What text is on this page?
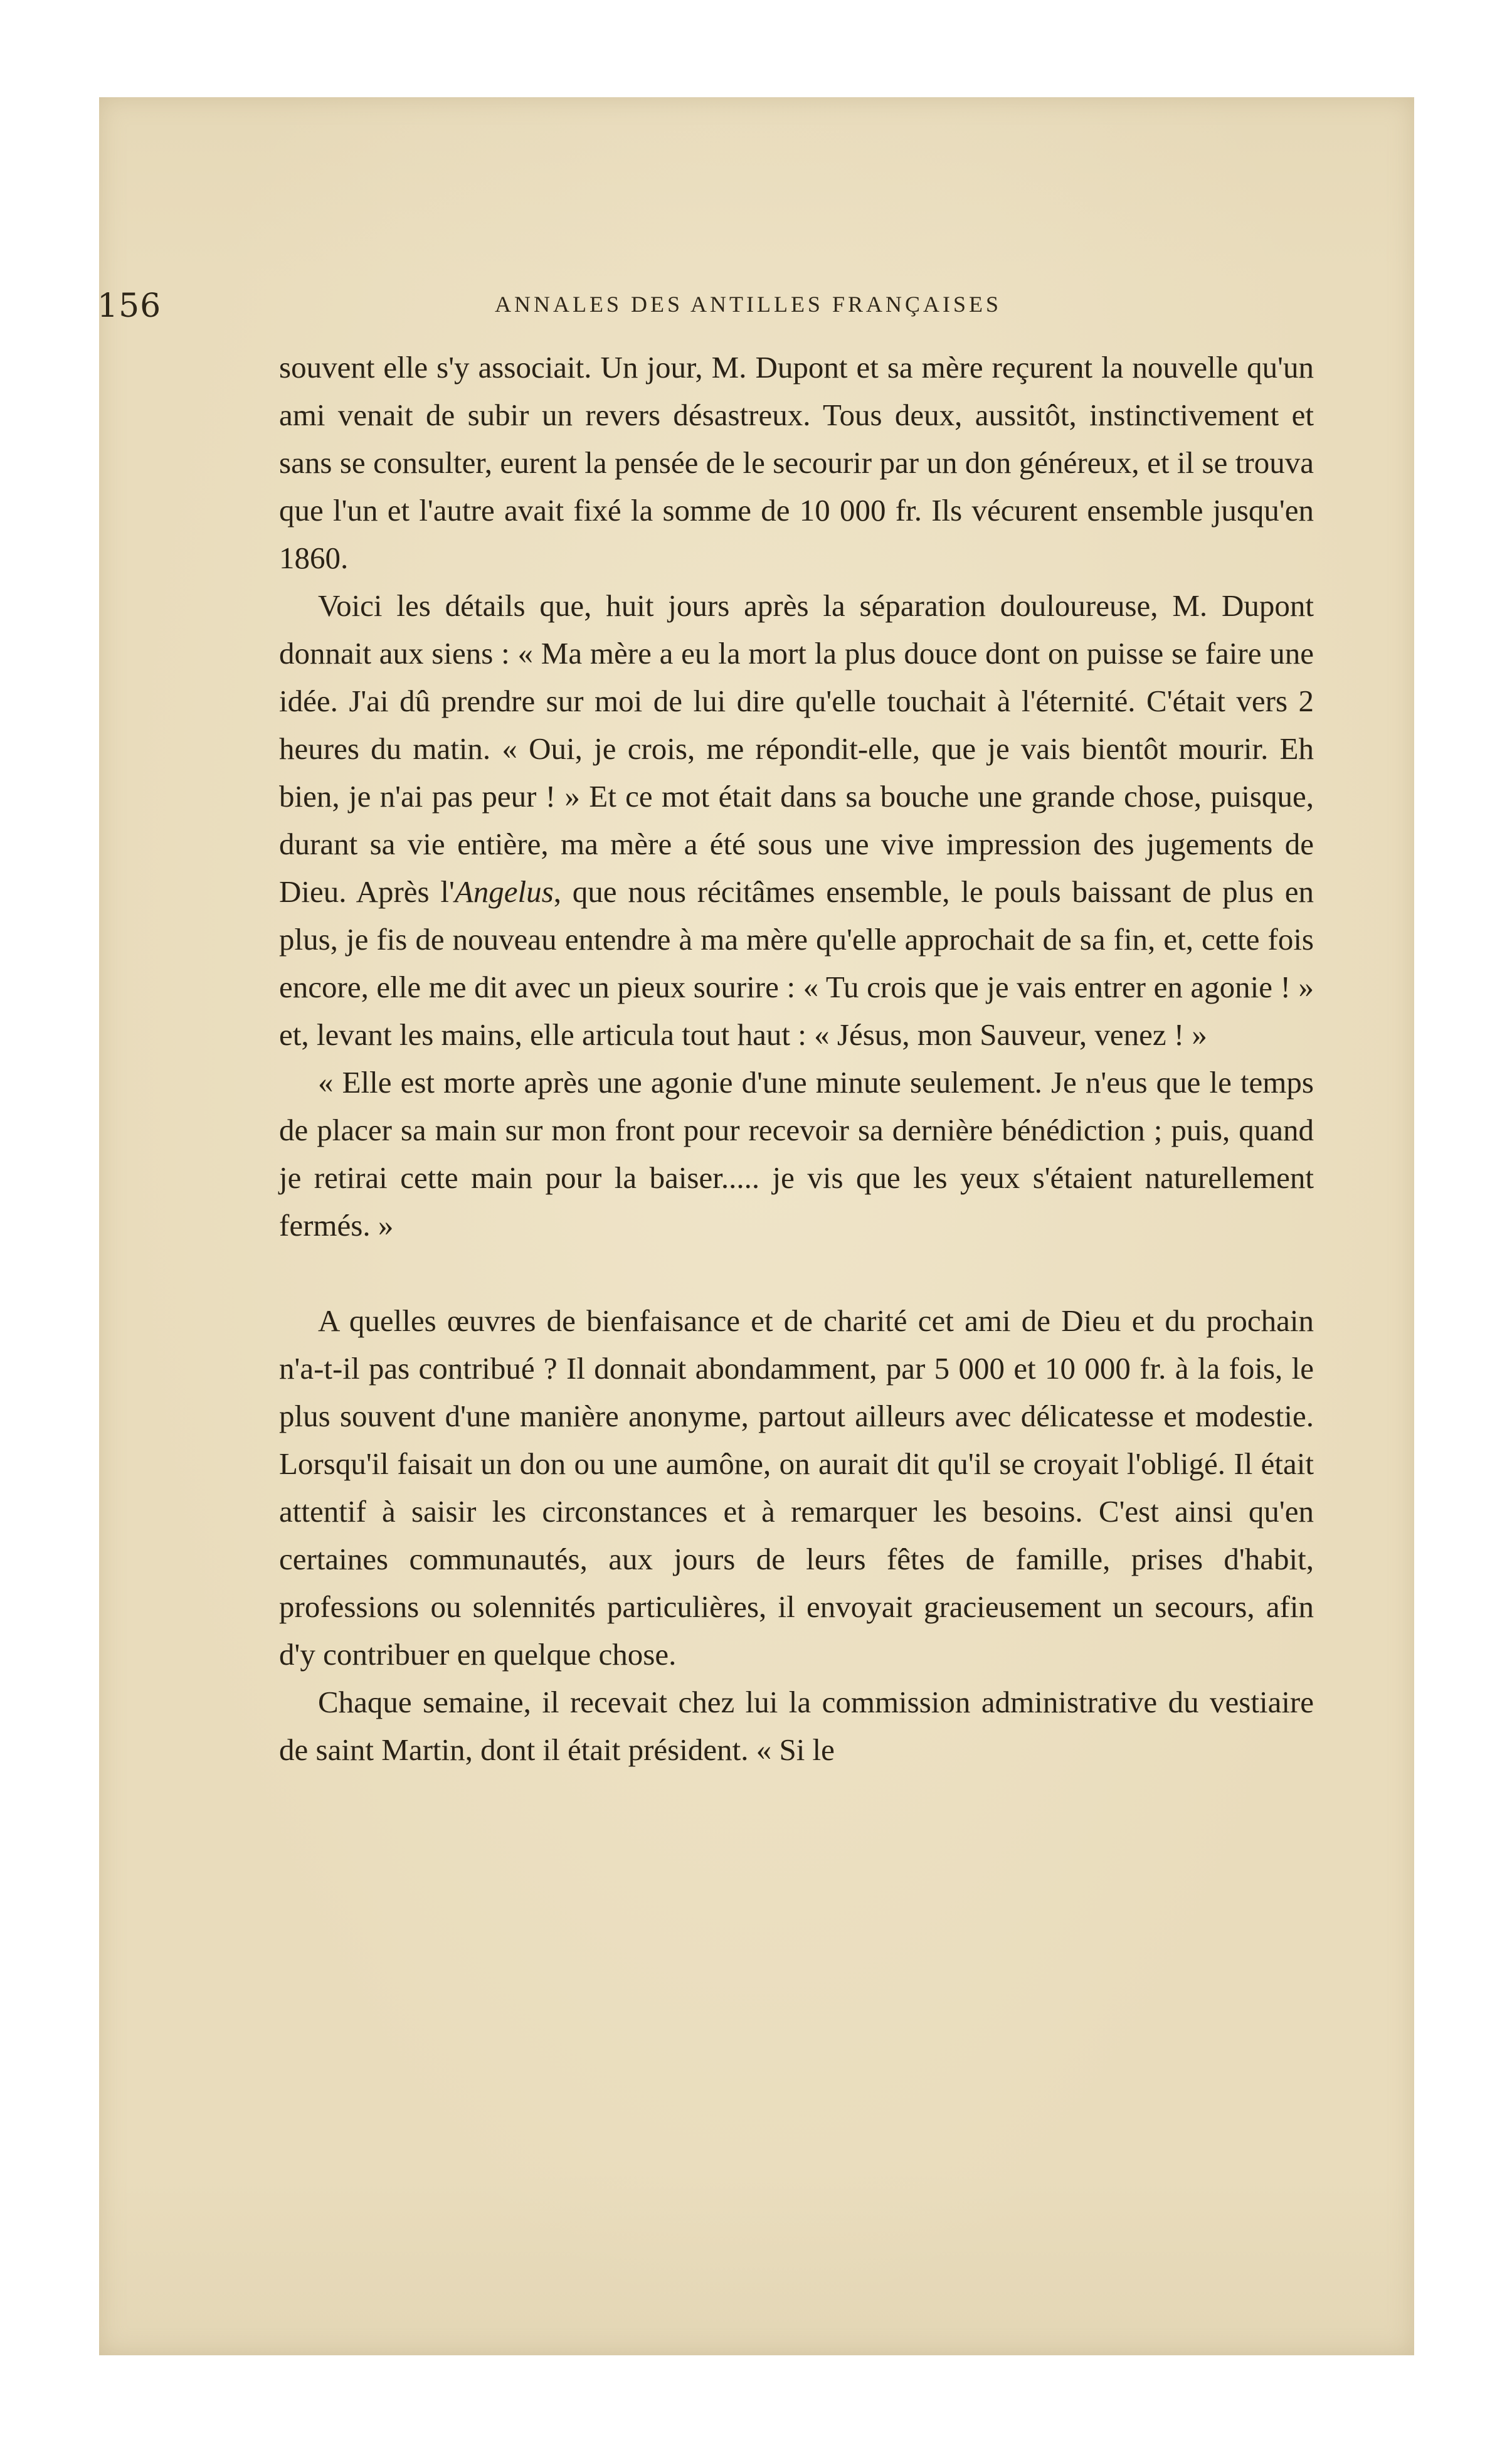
156	ANNALES DES ANTILLES FRANÇAISES

souvent elle s'y associait. Un jour, M. Dupont et sa mère reçurent la nouvelle qu'un ami venait de subir un revers désastreux. Tous deux, aussitôt, instinctivement et sans se consulter, eurent la pensée de le secourir par un don généreux, et il se trouva que l'un et l'autre avait fixé la somme de 10 000 fr. Ils vécurent ensemble jusqu'en 1860.

Voici les détails que, huit jours après la séparation douloureuse, M. Dupont donnait aux siens : « Ma mère a eu la mort la plus douce dont on puisse se faire une idée. J'ai dû prendre sur moi de lui dire qu'elle touchait à l'éternité. C'était vers 2 heures du matin. « Oui, je crois, me répondit-elle, que je vais bientôt mourir. Eh bien, je n'ai pas peur ! » Et ce mot était dans sa bouche une grande chose, puisque, durant sa vie entière, ma mère a été sous une vive impression des jugements de Dieu. Après l'Angelus, que nous récitâmes ensemble, le pouls baissant de plus en plus, je fis de nouveau entendre à ma mère qu'elle approchait de sa fin, et, cette fois encore, elle me dit avec un pieux sourire : « Tu crois que je vais entrer en agonie ! » et, levant les mains, elle articula tout haut : « Jésus, mon Sauveur, venez ! »

« Elle est morte après une agonie d'une minute seulement. Je n'eus que le temps de placer sa main sur mon front pour recevoir sa dernière bénédiction ; puis, quand je retirai cette main pour la baiser..... je vis que les yeux s'étaient naturellement fermés. »

A quelles œuvres de bienfaisance et de charité cet ami de Dieu et du prochain n'a-t-il pas contribué ? Il donnait abondamment, par 5 000 et 10 000 fr. à la fois, le plus souvent d'une manière anonyme, partout ailleurs avec délicatesse et modestie. Lorsqu'il faisait un don ou une aumône, on aurait dit qu'il se croyait l'obligé. Il était attentif à saisir les circonstances et à remarquer les besoins. C'est ainsi qu'en certaines communautés, aux jours de leurs fêtes de famille, prises d'habit, professions ou solennités particulières, il envoyait gracieusement un secours, afin d'y contribuer en quelque chose.

Chaque semaine, il recevait chez lui la commission administrative du vestiaire de saint Martin, dont il était président. « Si le
